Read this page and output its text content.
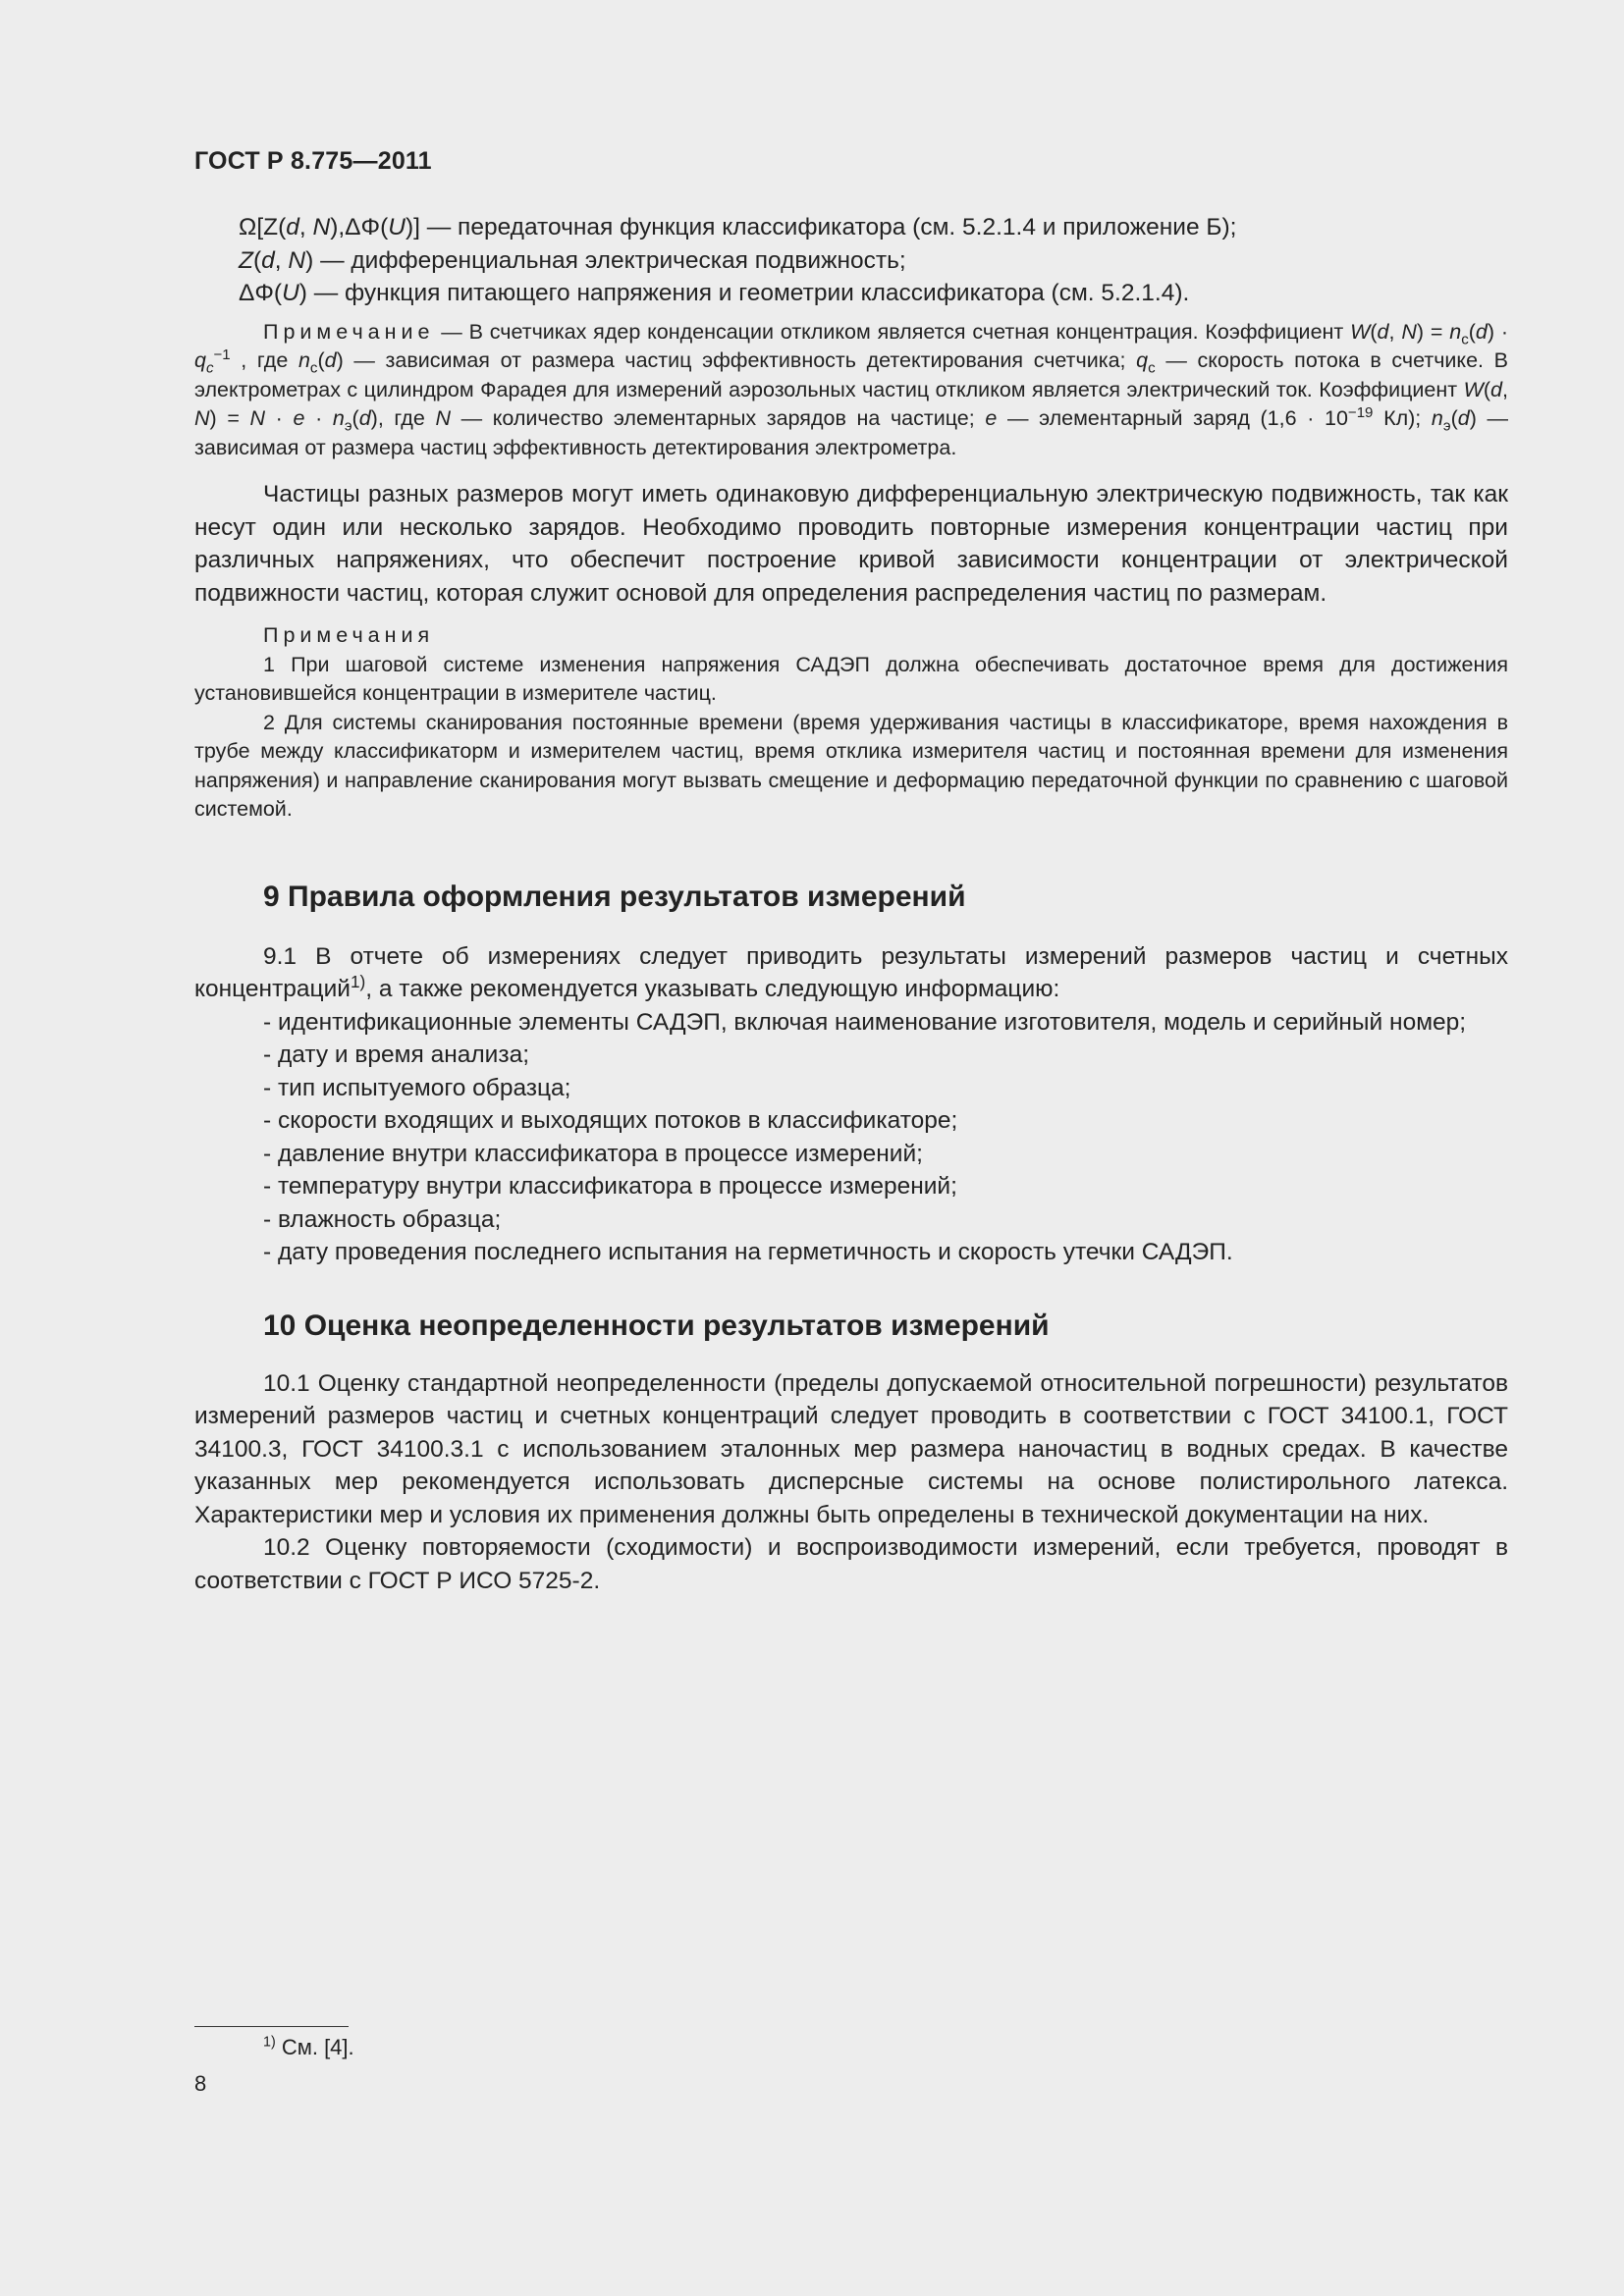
ГОСТ Р 8.775—2011

Ω[Z(d, N),ΔΦ(U)] — передаточная функция классификатора (см. 5.2.1.4 и приложение Б);

Z(d, N) — дифференциальная электрическая подвижность;

ΔΦ(U) — функция питающего напряжения и геометрии классификатора (см. 5.2.1.4).

Примечание — В счетчиках ядер конденсации откликом является счетная концентрация. Коэффициент W(d, $N) = n_c(d) \cdot q_c^{-1}$ , где $n_c(d)$ — зависимая от размера частиц эффективность детектирования счетчика; $q_c$ — скорость потока в счетчике. В электрометрах с цилиндром Фарадея для измерений аэрозольных частиц откликом является электрический ток. Коэффициент W(d, $N) = N \cdot e \cdot n_э(d)$, где N — количество элементарных зарядов на частице; e — элементарный заряд ($1,6 \cdot 10^{-19}$ Кл); $n_э(d)$ — зависимая от размера частиц эффективность детектирования электрометра.

Частицы разных размеров могут иметь одинаковую дифференциальную электрическую подвижность, так как несут один или несколько зарядов. Необходимо проводить повторные измерения концентрации частиц при различных напряжениях, что обеспечит построение кривой зависимости концентрации от электрической подвижности частиц, которая служит основой для определения распределения частиц по размерам.

Примечания

1 При шаговой системе изменения напряжения САДЭП должна обеспечивать достаточное время для достижения установившейся концентрации в измерителе частиц.

2 Для системы сканирования постоянные времени (время удерживания частицы в классификаторе, время нахождения в трубе между классификаторм и измерителем частиц, время отклика измерителя частиц и постоянная времени для изменения напряжения) и направление сканирования могут вызвать смещение и деформацию передаточной функции по сравнению с шаговой системой.

9 Правила оформления результатов измерений

9.1 В отчете об измерениях следует приводить результаты измерений размеров частиц и счетных концентраций$^{1)}$, а также рекомендуется указывать следующую информацию:

- идентификационные элементы САДЭП, включая наименование изготовителя, модель и серийный номер;

- дату и время анализа;

- тип испытуемого образца;

- скорости входящих и выходящих потоков в классификаторе;

- давление внутри классификатора в процессе измерений;

- температуру внутри классификатора в процессе измерений;

- влажность образца;

- дату проведения последнего испытания на герметичность и скорость утечки САДЭП.

10 Оценка неопределенности результатов измерений

10.1 Оценку стандартной неопределенности (пределы допускаемой относительной погрешности) результатов измерений размеров частиц и счетных концентраций следует проводить в соответствии с ГОСТ 34100.1, ГОСТ 34100.3, ГОСТ 34100.3.1 с использованием эталонных мер размера наночастиц в водных средах. В качестве указанных мер рекомендуется использовать дисперсные системы на основе полистирольного латекса. Характеристики мер и условия их применения должны быть определены в технической документации на них.

10.2 Оценку повторяемости (сходимости) и воспроизводимости измерений, если требуется, проводят в соответствии с ГОСТ Р ИСО 5725-2.

$^{1)}$ См. [4].
8
